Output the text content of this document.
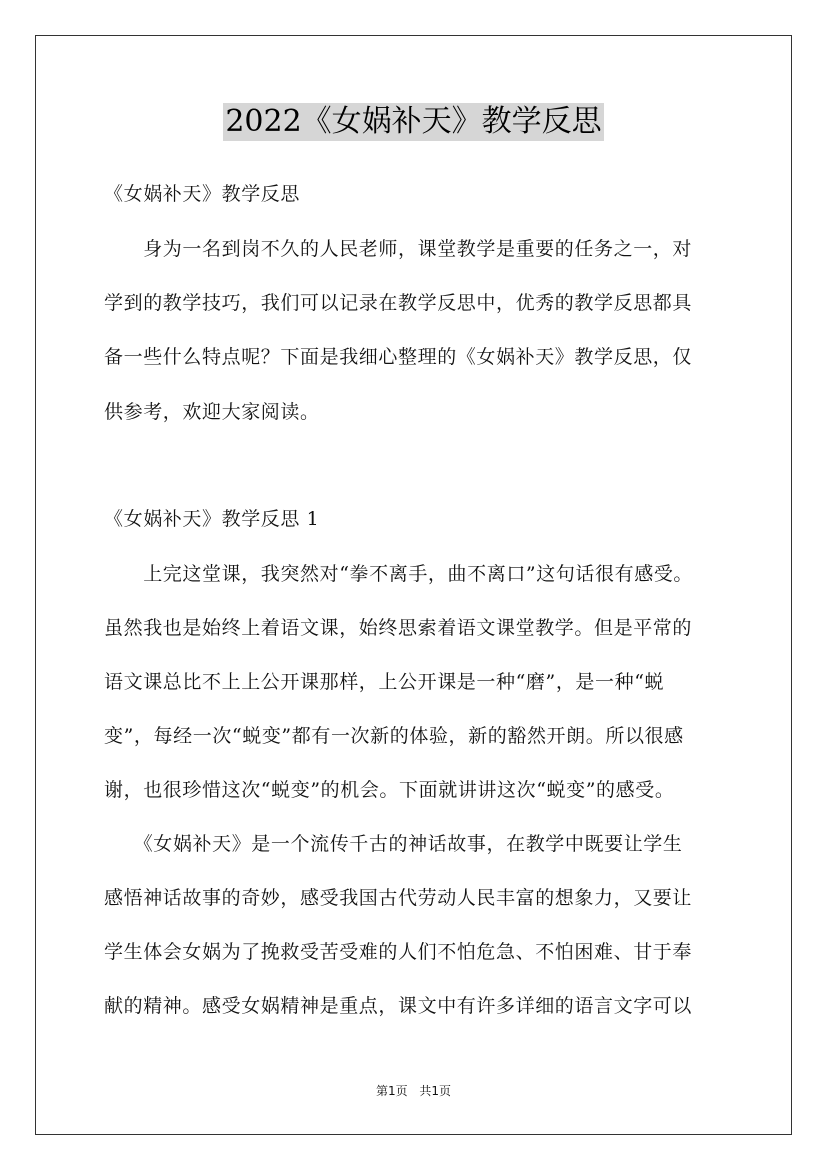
2022《女娲补天》教学反思
《女娲补天》教学反思
　　身为一名到岗不久的人民老师，课堂教学是重要的任务之一，对
学到的教学技巧，我们可以记录在教学反思中，优秀的教学反思都具
备一些什么特点呢？下面是我细心整理的《女娲补天》教学反思，仅
供参考，欢迎大家阅读。
《女娲补天》教学反思 1
　　上完这堂课，我突然对“拳不离手，曲不离口”这句话很有感受。
虽然我也是始终上着语文课，始终思索着语文课堂教学。但是平常的
语文课总比不上上公开课那样，上公开课是一种“磨”，是一种“蜕
变”，每经一次“蜕变”都有一次新的体验，新的豁然开朗。所以很感
谢，也很珍惜这次“蜕变”的机会。下面就讲讲这次“蜕变”的感受。
　　《女娲补天》是一个流传千古的神话故事，在教学中既要让学生
感悟神话故事的奇妙，感受我国古代劳动人民丰富的想象力，又要让
学生体会女娲为了挽救受苦受难的人们不怕危急、不怕困难、甘于奉
献的精神。感受女娲精神是重点，课文中有许多详细的语言文字可以
第1页 共1页
